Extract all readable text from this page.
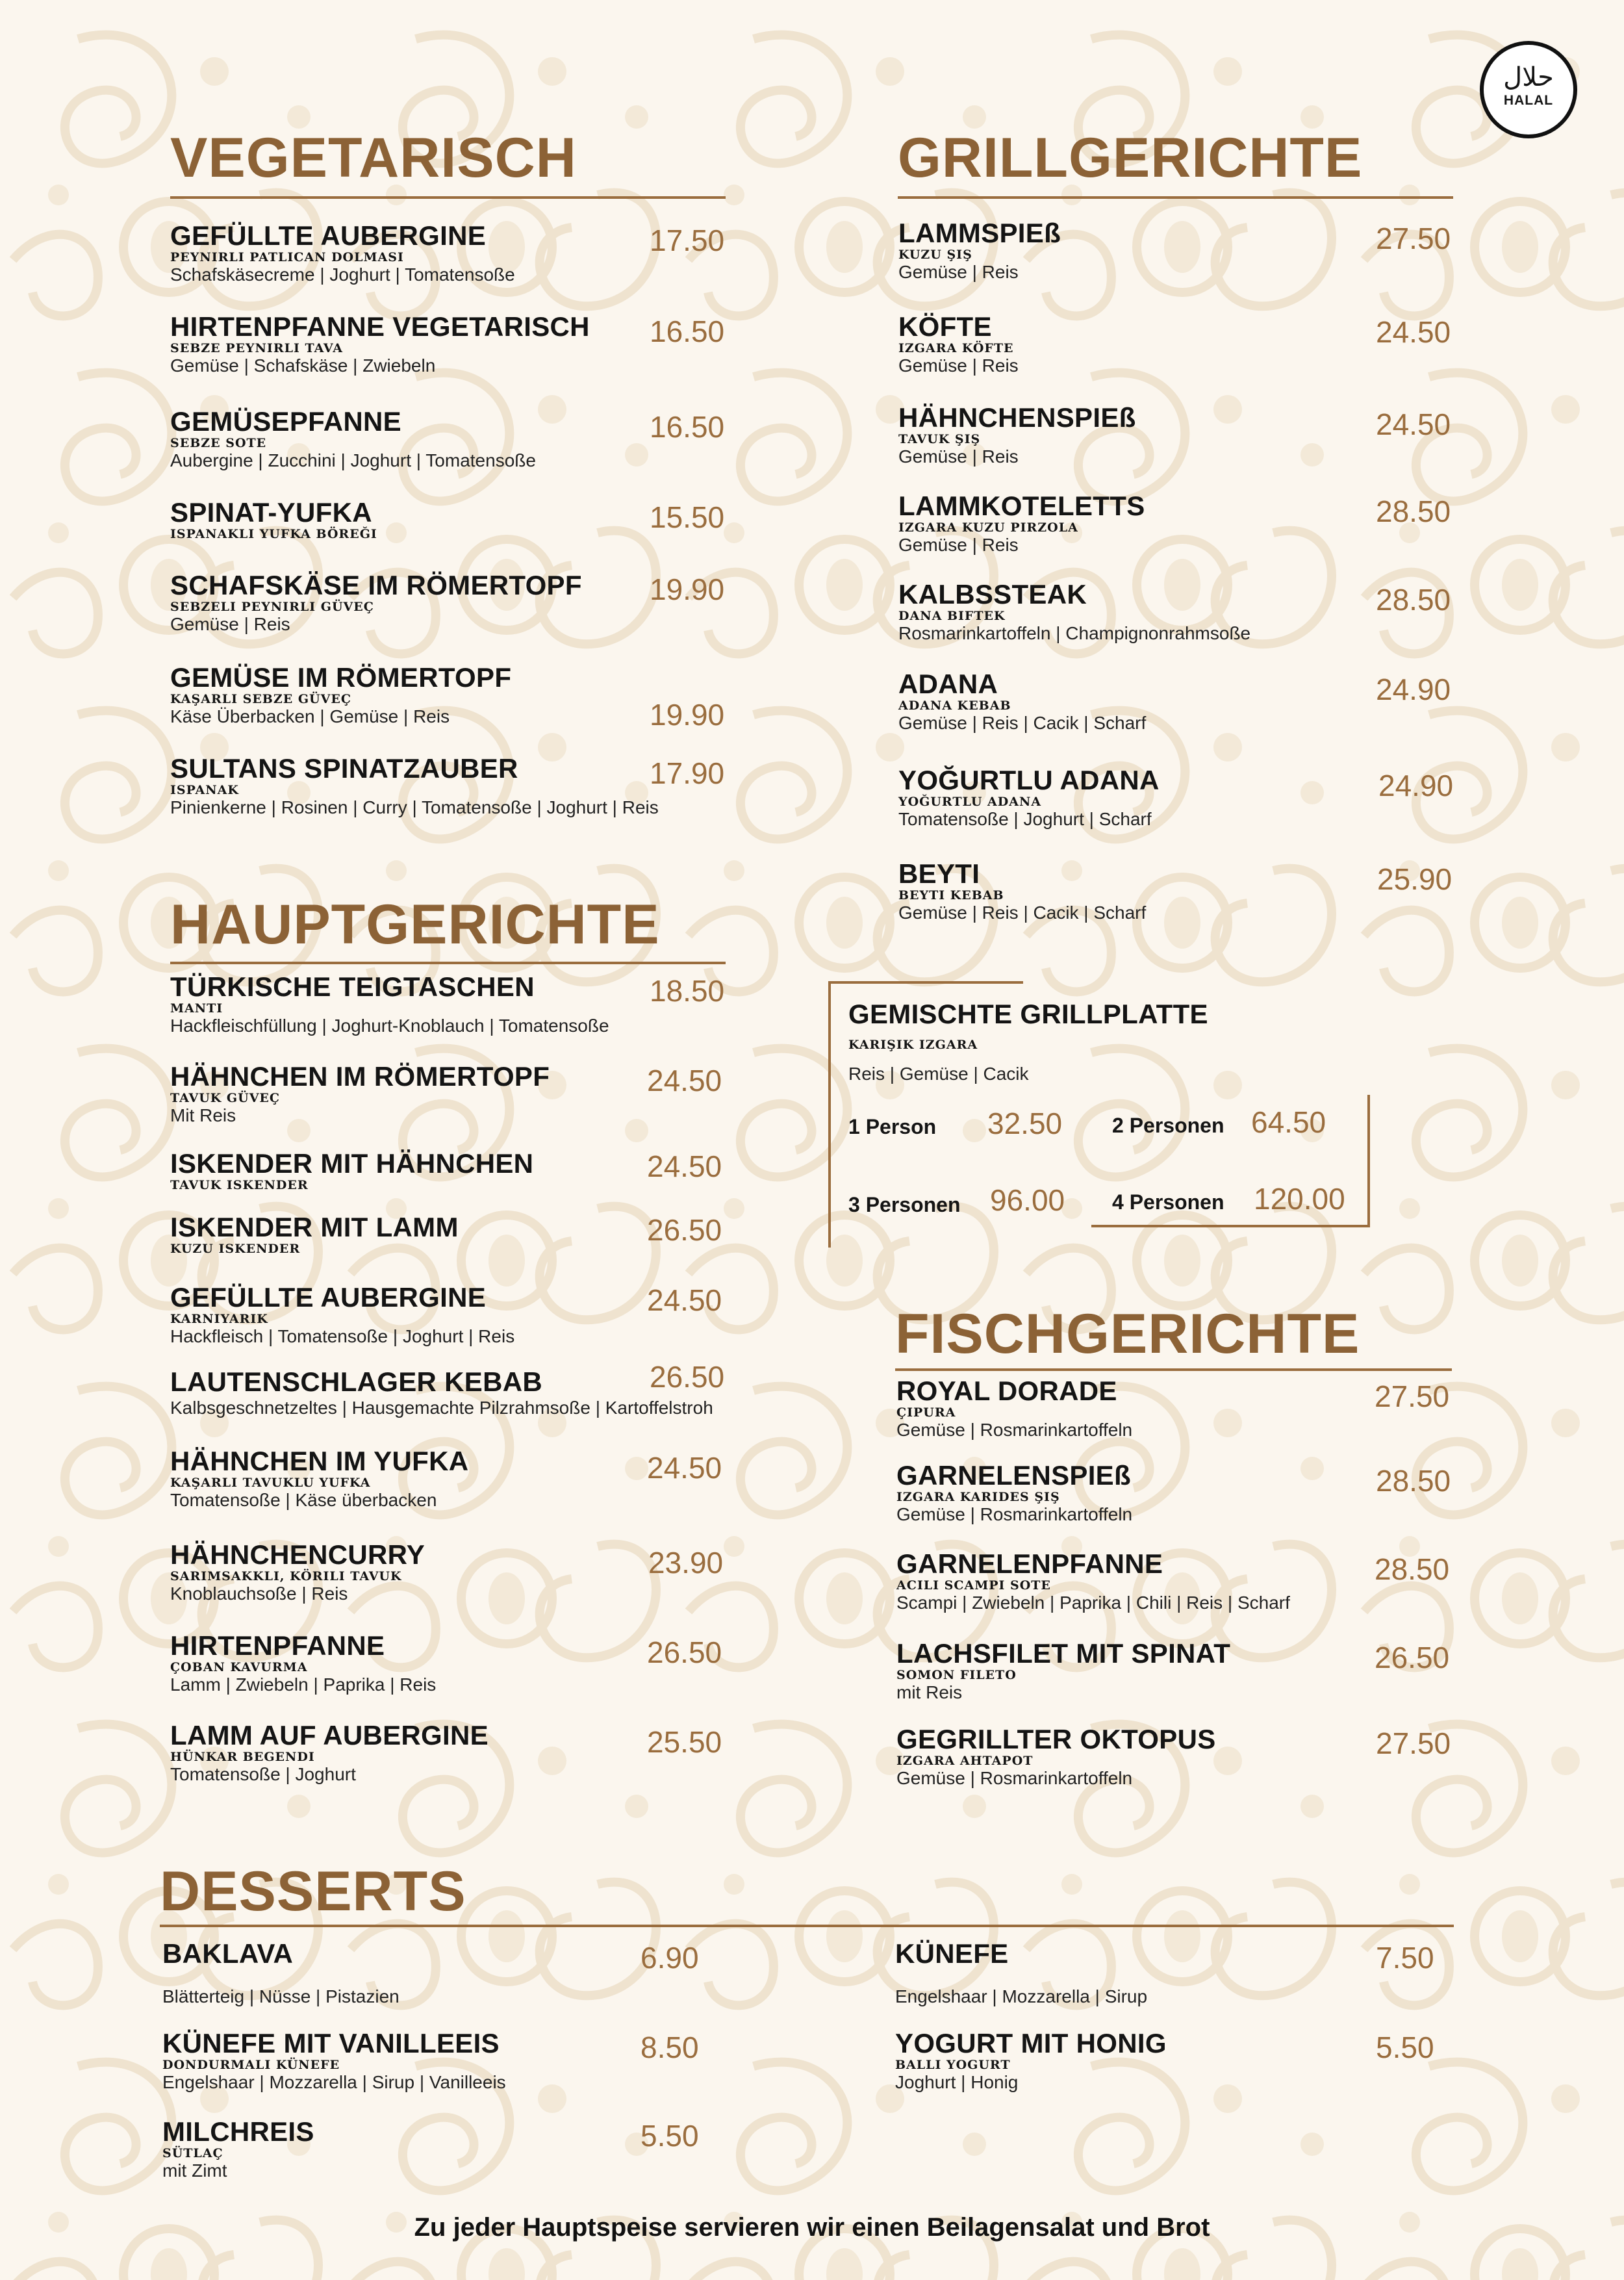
حلال
HALAL
VEGETARISCH
GEFÜLLTE AUBERGINE
PEYNIRLI PATLICAN DOLMASI
Schafskäsecreme | Joghurt | Tomatensoße
17.50
HIRTENPFANNE VEGETARISCH
SEBZE PEYNIRLI TAVA
Gemüse | Schafskäse | Zwiebeln
16.50
GEMÜSEPFANNE
SEBZE SOTE
Aubergine | Zucchini | Joghurt | Tomatensoße
16.50
SPINAT-YUFKA
ISPANAKLI YUFKA BÖREĞI	15.50
SCHAFSKÄSE IM RÖMERTOPF
SEBZELI PEYNIRLI GÜVEÇ
Gemüse | Reis
19.90
GEMÜSE IM RÖMERTOPF
KAŞARLI SEBZE GÜVEÇ
Käse Überbacken | Gemüse | Reis	19.90
SULTANS SPINATZAUBER
ISPANAK
Pinienkerne | Rosinen | Curry | Tomatensoße | Joghurt | Reis
17.90
HAUPTGERICHTE
TÜRKISCHE TEIGTASCHEN
MANTI
Hackfleischfüllung | Joghurt-Knoblauch | Tomatensoße
18.50
HÄHNCHEN IM RÖMERTOPF
TAVUK GÜVEÇ
Mit Reis
24.50
ISKENDER MIT HÄHNCHEN
TAVUK ISKENDER
24.50
ISKENDER MIT LAMM
KUZU ISKENDER
26.50
GEFÜLLTE AUBERGINE
KARNIYARIK
Hackfleisch | Tomatensoße | Joghurt | Reis
24.50
LAUTENSCHLAGER KEBAB
Kalbsgeschnetzeltes | Hausgemachte Pilzrahmsoße | Kartoffelstroh
26.50
HÄHNCHEN IM YUFKA
KAŞARLI TAVUKLU YUFKA
Tomatensoße | Käse überbacken
24.50
HÄHNCHENCURRY
SARIMSAKKLI, KÖRILI TAVUK
Knoblauchsoße | Reis
23.90
HIRTENPFANNE
ÇOBAN KAVURMA
Lamm | Zwiebeln | Paprika | Reis
26.50
LAMM AUF AUBERGINE
HÜNKAR BEGENDI
Tomatensoße | Joghurt
25.50
GRILLGERICHTE
LAMMSPIEß
KUZU ŞIŞ
Gemüse | Reis
27.50
KÖFTE
IZGARA KÖFTE
Gemüse | Reis
24.50
HÄHNCHENSPIEß
TAVUK ŞIŞ
Gemüse | Reis
24.50
LAMMKOTELETTS
IZGARA KUZU PIRZOLA
Gemüse | Reis
28.50
KALBSSTEAK
DANA BIFTEK
Rosmarinkartoffeln | Champignonrahmsoße
28.50
ADANA
ADANA KEBAB
Gemüse | Reis | Cacik | Scharf
24.90
YOĞURTLU ADANA
YOĞURTLU ADANA
Tomatensoße | Joghurt | Scharf
24.90
BEYTI
BEYTI KEBAB
Gemüse | Reis | Cacik | Scharf
25.90
GEMISCHTE GRILLPLATTE
KARIŞIK IZGARA
Reis | Gemüse | Cacik
1 Person 32.50 2 Personen 64.50
3 Personen 96.00 4 Personen 120.00
FISCHGERICHTE
ROYAL DORADE
ÇIPURA
Gemüse | Rosmarinkartoffeln
27.50
GARNELENSPIEß
IZGARA KARIDES ŞIŞ
Gemüse | Rosmarinkartoffeln
28.50
GARNELENPFANNE
ACILI SCAMPI SOTE
Scampi | Zwiebeln | Paprika | Chili | Reis | Scharf
28.50
LACHSFILET MIT SPINAT
SOMON FILETO
mit Reis
26.50
GEGRILLTER OKTOPUS
IZGARA AHTAPOT
Gemüse | Rosmarinkartoffeln
27.50
DESSERTS
BAKLAVA
Blätterteig | Nüsse | Pistazien
6.90	KÜNEFE
Engelshaar | Mozzarella | Sirup
7.50
KÜNEFE MIT VANILLEEIS
DONDURMALI KÜNEFE
Engelshaar | Mozzarella | Sirup | Vanilleeis
8.50	YOGURT MIT HONIG
BALLI YOGURT
Joghurt | Honig
5.50
MILCHREIS
SÜTLAÇ
mit Zimt
5.50
Zu jeder Hauptspeise servieren wir einen Beilagensalat und Brot
